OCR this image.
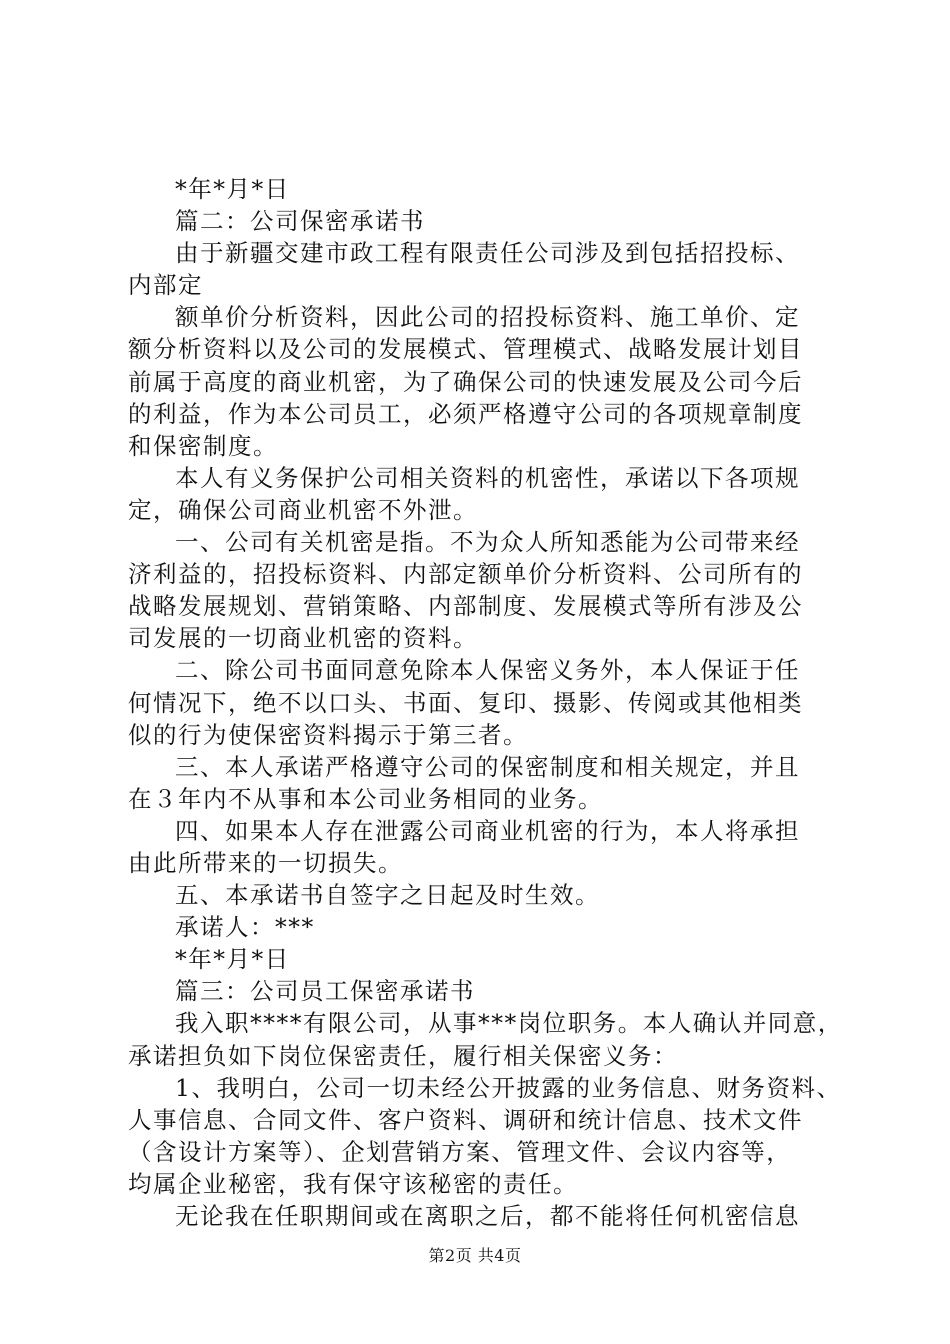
*年*月*日
篇二：公司保密承诺书
由于新疆交建市政工程有限责任公司涉及到包括招投标、
内部定
额单价分析资料，因此公司的招投标资料、施工单价、定
额分析资料以及公司的发展模式、管理模式、战略发展计划目
前属于高度的商业机密，为了确保公司的快速发展及公司今后
的利益，作为本公司员工，必须严格遵守公司的各项规章制度
和保密制度。
本人有义务保护公司相关资料的机密性，承诺以下各项规
定，确保公司商业机密不外泄。
一、公司有关机密是指。不为众人所知悉能为公司带来经
济利益的，招投标资料、内部定额单价分析资料、公司所有的
战略发展规划、营销策略、内部制度、发展模式等所有涉及公
司发展的一切商业机密的资料。
二、除公司书面同意免除本人保密义务外，本人保证于任
何情况下，绝不以口头、书面、复印、摄影、传阅或其他相类
似的行为使保密资料揭示于第三者。
三、本人承诺严格遵守公司的保密制度和相关规定，并且
在３年内不从事和本公司业务相同的业务。
四、如果本人存在泄露公司商业机密的行为，本人将承担
由此所带来的一切损失。
五、本承诺书自签字之日起及时生效。
承诺人：***
*年*月*日
篇三：公司员工保密承诺书
我入职****有限公司，从事***岗位职务。本人确认并同意，
承诺担负如下岗位保密责任，履行相关保密义务：
1、我明白，公司一切未经公开披露的业务信息、财务资料、
人事信息、合同文件、客户资料、调研和统计信息、技术文件
（含设计方案等）、企划营销方案、管理文件、会议内容等，
均属企业秘密，我有保守该秘密的责任。
无论我在任职期间或在离职之后，都不能将任何机密信息
第2页 共4页
